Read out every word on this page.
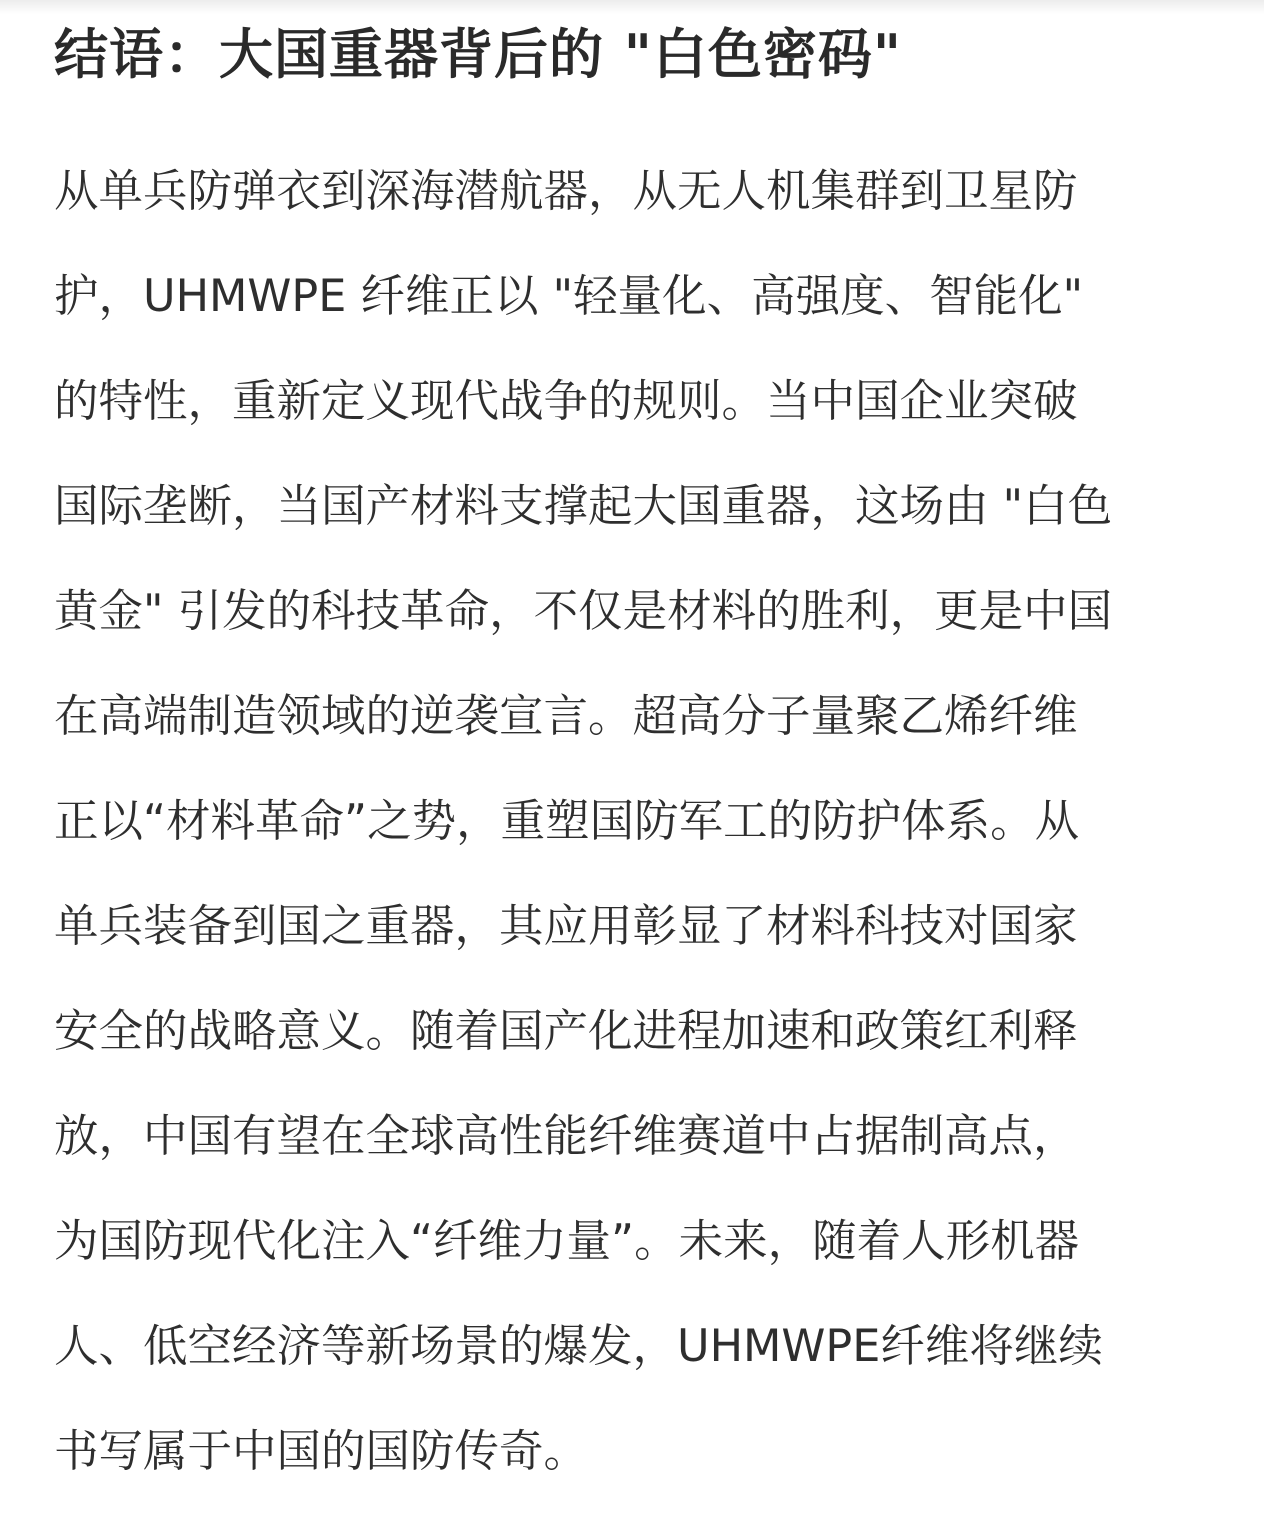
结语：大国重器背后的 "白色密码"
从单兵防弹衣到深海潜航器，从无人机集群到卫星防
护，UHMWPE 纤维正以 "轻量化、高强度、智能化"
的特性，重新定义现代战争的规则。当中国企业突破
国际垄断，当国产材料支撑起大国重器，这场由 "白色
黄金" 引发的科技革命，不仅是材料的胜利，更是中国
在高端制造领域的逆袭宣言。超高分子量聚乙烯纤维
正以“材料革命”之势，重塑国防军工的防护体系。从
单兵装备到国之重器，其应用彰显了材料科技对国家
安全的战略意义。随着国产化进程加速和政策红利释
放，中国有望在全球高性能纤维赛道中占据制高点，
为国防现代化注入“纤维力量”。未来，随着人形机器
人、低空经济等新场景的爆发，UHMWPE纤维将继续
书写属于中国的国防传奇。
